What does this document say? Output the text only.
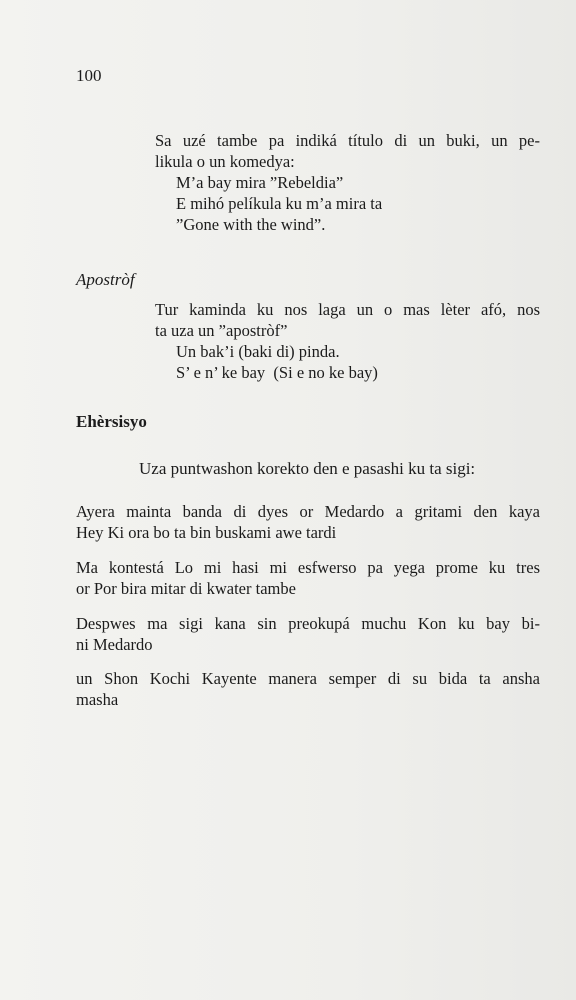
100
Sa uzé tambe pa indiká título di un buki, un pe-
likula o un komedya:
M’a bay mira ”Rebeldia”
E mihó pelíkula ku m’a mira ta
”Gone with the wind”.
Apostròf
Tur kaminda ku nos laga un o mas lèter afó, nos
ta uza un ”apostròf”
Un bak’i (baki di) pinda.
S’ e n’ ke bay  (Si e no ke bay)
Ehèrsisyo
Uza puntwashon korekto den e pasashi ku ta sigi:
Ayera mainta banda di dyes or Medardo a gritami den kaya
Hey Ki ora bo ta bin buskami awe tardi
Ma kontestá Lo mi hasi mi esfwerso pa yega prome ku tres
or Por bira mitar di kwater tambe
Despwes ma sigi kana sin preokupá muchu Kon ku bay bi-
ni Medardo
un Shon Kochi Kayente manera semper di su bida ta ansha
masha
